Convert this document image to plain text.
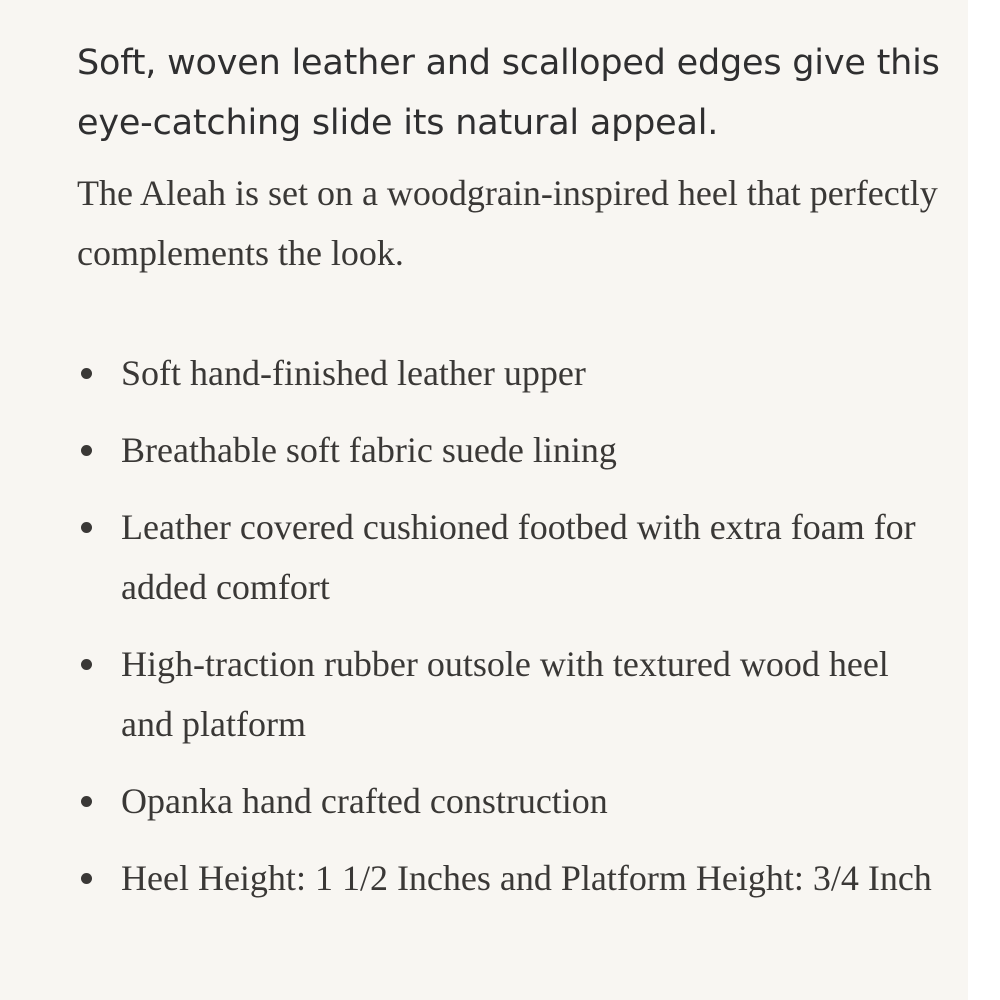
Soft, woven leather and scalloped edges give this eye-catching slide its natural appeal.

The Aleah is set on a woodgrain-inspired heel that perfectly complements the look.

Soft hand-finished leather upper
Breathable soft fabric suede lining
Leather covered cushioned footbed with extra foam for added comfort
High-traction rubber outsole with textured wood heel and platform
Opanka hand crafted construction
Heel Height: 1 1/2 Inches and Platform Height: 3/4 Inch
